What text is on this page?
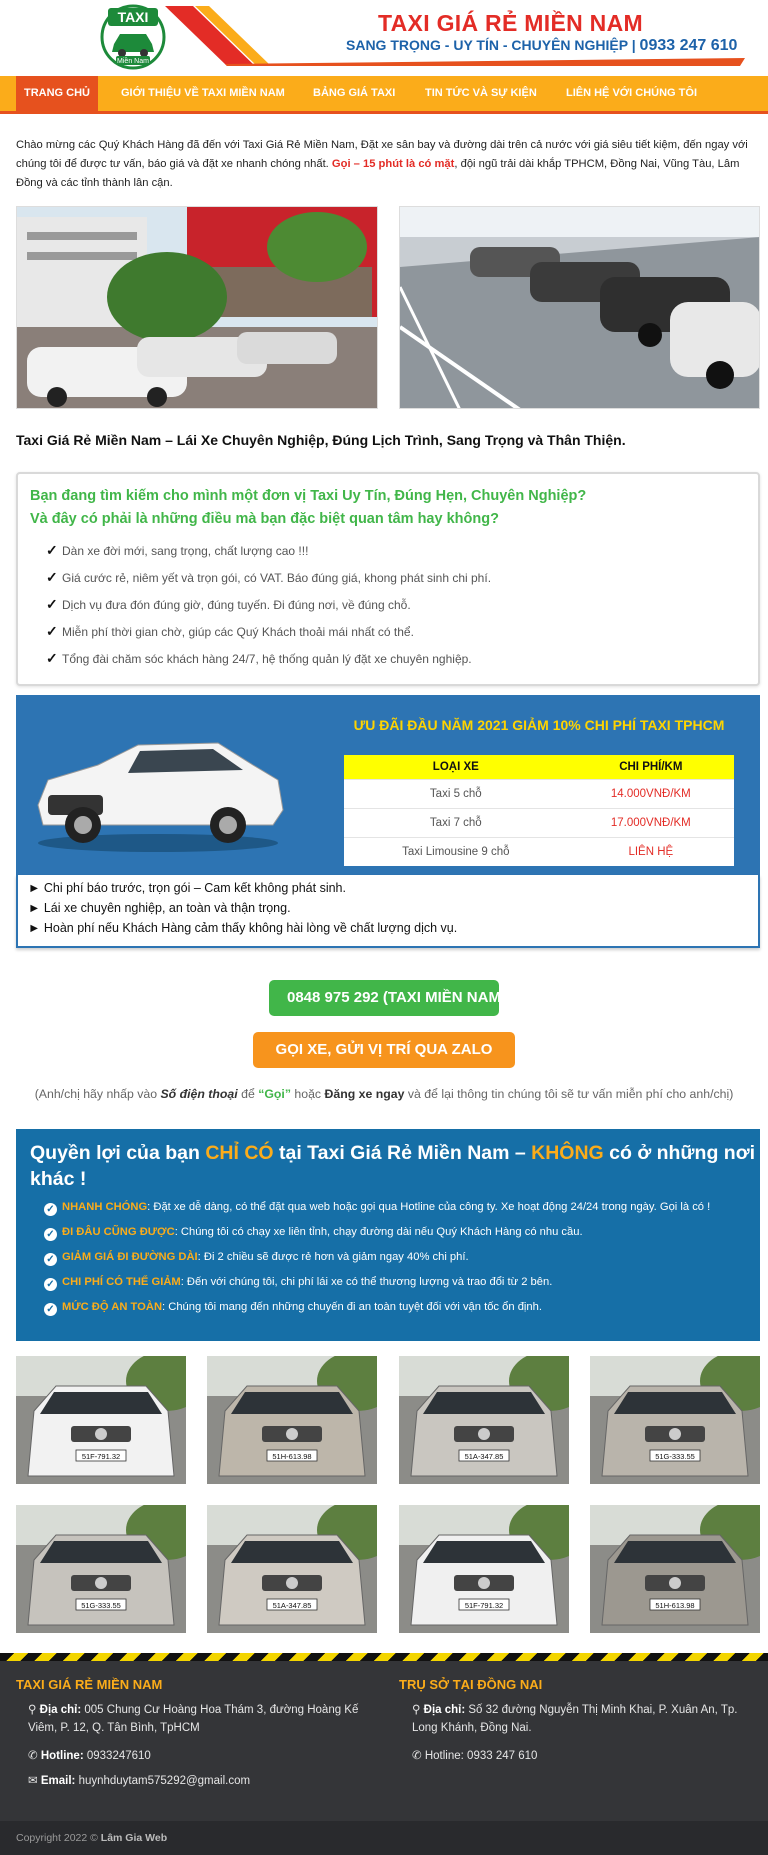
TAXI
Miền Nam
TAXI GIÁ RẺ MIỀN NAM
SANG TRỌNG - UY TÍN - CHUYÊN NGHIỆP | 0933 247 610
TRANG CHỦ	GIỚI THIỆU VỀ TAXI MIỀN NAM	BẢNG GIÁ TAXI	TIN TỨC VÀ SỰ KIỆN	LIÊN HỆ VỚI CHÚNG TÔI
Chào mừng các Quý Khách Hàng đã đến với Taxi Giá Rẻ Miền Nam, Đặt xe sân bay và đường dài trên cả nước với giá siêu tiết kiệm, đến ngay với chúng tôi để được tư vấn, báo giá và đặt xe nhanh chóng nhất. Gọi – 15 phút là có mặt, đội ngũ trải dài khắp TPHCM, Đồng Nai, Vũng Tàu, Lâm Đồng và các tỉnh thành lân cận.
Taxi Giá Rẻ Miền Nam – Lái Xe Chuyên Nghiệp, Đúng Lịch Trình, Sang Trọng và Thân Thiện.
Bạn đang tìm kiếm cho mình một đơn vị Taxi Uy Tín, Đúng Hẹn, Chuyên Nghiệp?
Và đây có phải là những điều mà bạn đặc biệt quan tâm hay không?
✓ Dàn xe đời mới, sang trọng, chất lượng cao !!!
✓ Giá cước rẻ, niêm yết và trọn gói, có VAT. Báo đúng giá, khong phát sinh chi phí.
✓ Dịch vụ đưa đón đúng giờ, đúng tuyến. Đi đúng nơi, về đúng chỗ.
✓ Miễn phí thời gian chờ, giúp các Quý Khách thoải mái nhất có thể.
✓ Tổng đài chăm sóc khách hàng 24/7, hệ thống quản lý đặt xe chuyên nghiệp.
ƯU ĐÃI ĐẦU NĂM 2021 GIẢM 10% CHI PHÍ TAXI TPHCM
LOẠI XE	CHI PHÍ/KM
Taxi 5 chỗ	14.000VNĐ/KM
Taxi 7 chỗ	17.000VNĐ/KM
Taxi Limousine 9 chỗ	LIÊN HỆ
► Chi phí báo trước, trọn gói – Cam kết không phát sinh.
► Lái xe chuyên nghiệp, an toàn và thận trọng.
► Hoàn phí nếu Khách Hàng cảm thấy không hài lòng về chất lượng dịch vụ.
0848 975 292 (TAXI MIỀN NAM)
GỌI XE, GỬI VỊ TRÍ QUA ZALO
(Anh/chị hãy nhấp vào Số điện thoại để “Gọi” hoặc Đăng xe ngay và để lại thông tin chúng tôi sẽ tư vấn miễn phí cho anh/chị)
Quyền lợi của bạn CHỈ CÓ tại Taxi Giá Rẻ Miền Nam – KHÔNG có ở những nơi khác !
✓ NHANH CHÓNG: Đặt xe dễ dàng, có thể đặt qua web hoặc gọi qua Hotline của công ty. Xe hoạt động 24/24 trong ngày. Gọi là có !
✓ ĐI ĐÂU CŨNG ĐƯỢC: Chúng tôi có chạy xe liên tỉnh, chạy đường dài nếu Quý Khách Hàng có nhu cầu.
✓ GIẢM GIÁ ĐI ĐƯỜNG DÀI: Đi 2 chiều sẽ được rẻ hơn và giảm ngay 40% chi phí.
✓ CHI PHÍ CÓ THỂ GIẢM: Đến với chúng tôi, chi phí lái xe có thể thương lượng và trao đổi từ 2 bên.
✓ MỨC ĐỘ AN TOÀN: Chúng tôi mang đến những chuyến đi an toàn tuyệt đối với vận tốc ổn định.
51F-791.32	51H-613.98	51A-347.85	51G-333.55
51G-333.55	51A-347.85	51F-791.32	51H-613.98
TAXI GIÁ RẺ MIỀN NAM
⚲ Địa chỉ: 005 Chung Cư Hoàng Hoa Thám 3, đường Hoàng Kế Viêm, P. 12, Q. Tân Bình, TpHCM
✆ Hotline: 0933247610
✉ Email: huynhduytam575292@gmail.com
TRỤ SỞ TẠI ĐỒNG NAI
⚲ Địa chỉ: Số 32 đường Nguyễn Thị Minh Khai, P. Xuân An, Tp. Long Khánh, Đồng Nai.
✆ Hotline: 0933 247 610
Copyright 2022 © Lâm Gia Web
